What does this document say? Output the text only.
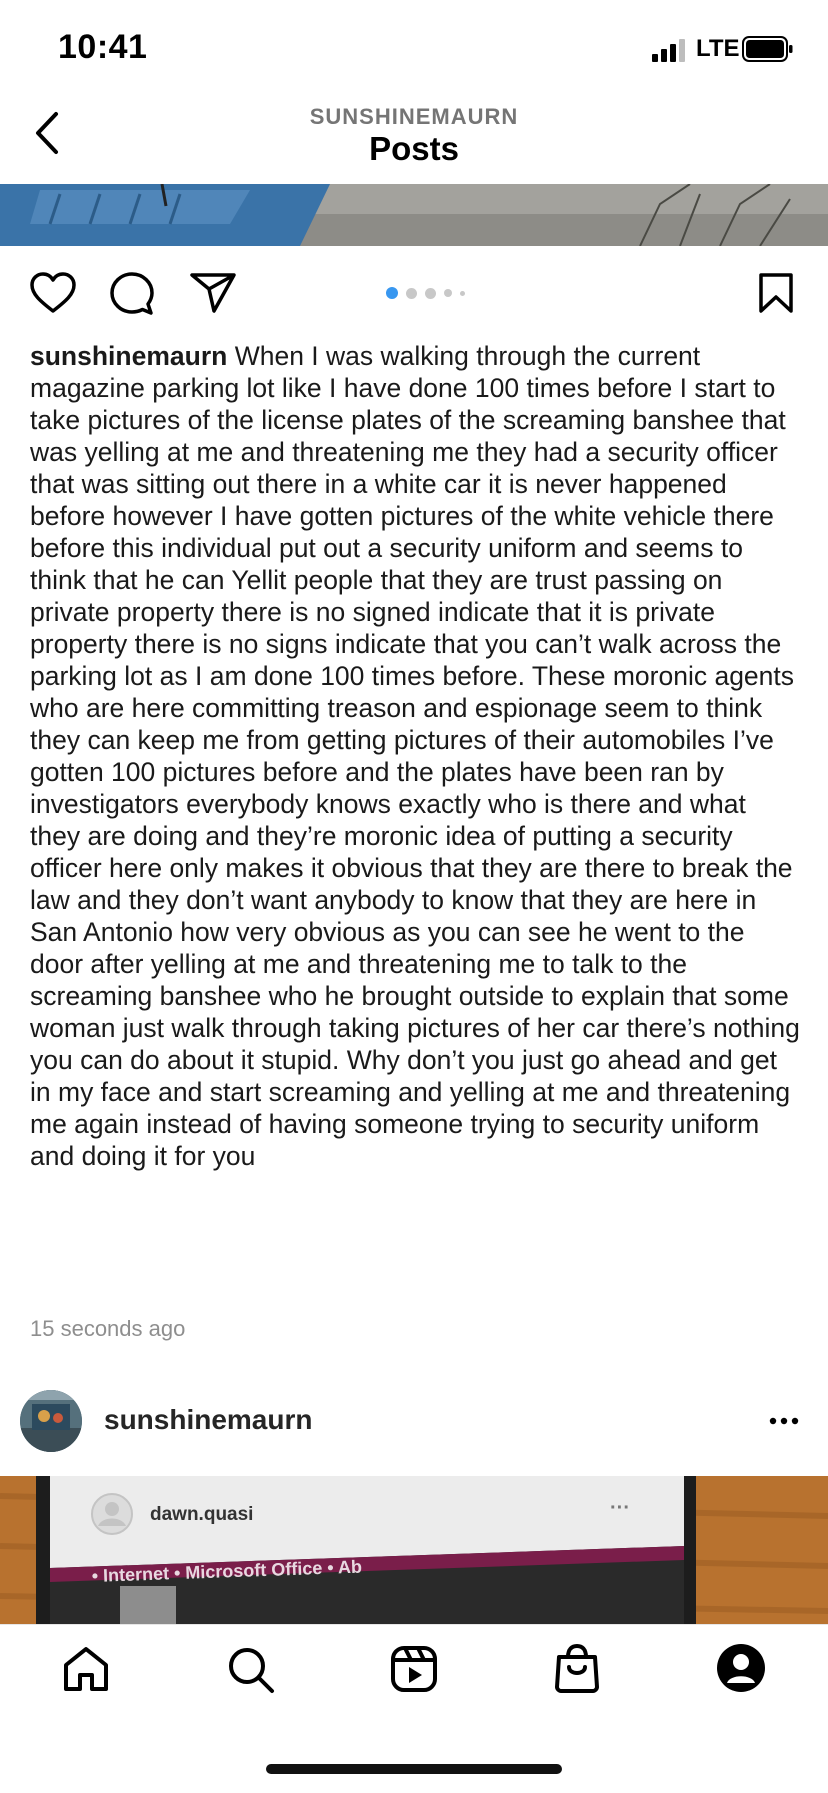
10:41	LTE
SUNSHINEMAURN
Posts
sunshinemaurn When I was walking through the current magazine parking lot like I have done 100 times before I start to take pictures of the license plates of the screaming banshee that was yelling at me and threatening me they had a security officer that was sitting out there in a white car it is never happened before however I have gotten pictures of the white vehicle there before this individual put out a security uniform and seems to think that he can Yellit people that they are trust passing on private property there is no signed indicate that it is private property there is no signs indicate that you can’t walk across the parking lot as I am done 100 times before. These moronic agents who are here committing treason and espionage seem to think they can keep me from getting pictures of their automobiles I’ve gotten 100 pictures before and the plates have been ran by investigators everybody knows exactly who is there and what they are doing and they’re moronic idea of putting a security officer here only makes it obvious that they are there to break the law and they don’t want anybody to know that they are here in San Antonio how very obvious as you can see he went to the door after yelling at me and threatening me to talk to the screaming banshee who he brought outside to explain that some woman just walk through taking pictures of her car there’s nothing you can do about it stupid. Why don’t you just go ahead and get in my face and start screaming and yelling at me and threatening me again instead of having someone trying to security uniform and doing it for you
15 seconds ago
sunshinemaurn
dawn.quasi	···
• Internet • Microsoft Office • Ab
